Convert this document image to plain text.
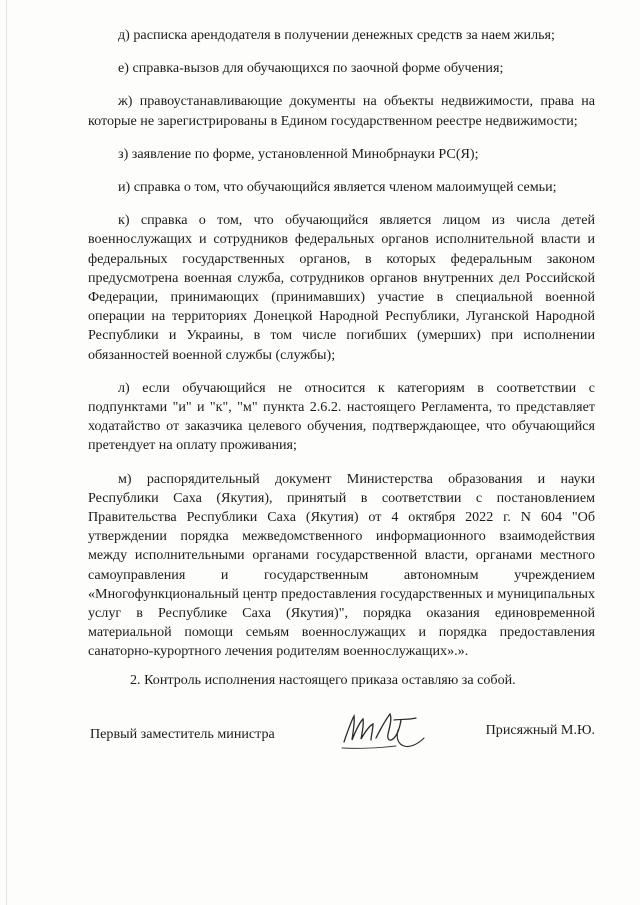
д) расписка арендодателя в получении денежных средств за наем жилья;

е) справка-вызов для обучающихся по заочной форме обучения;

ж) правоустанавливающие документы на объекты недвижимости, права на которые не зарегистрированы в Едином государственном реестре недвижимости;

з) заявление по форме, установленной Минобрнауки РС(Я);

и) справка о том, что обучающийся является членом малоимущей семьи;

к) справка о том, что обучающийся является лицом из числа детей военнослужащих и сотрудников федеральных органов исполнительной власти и федеральных государственных органов, в которых федеральным законом предусмотрена военная служба, сотрудников органов внутренних дел Российской Федерации, принимающих (принимавших) участие в специальной военной операции на территориях Донецкой Народной Республики, Луганской Народной Республики и Украины, в том числе погибших (умерших) при исполнении обязанностей военной службы (службы);

л) если обучающийся не относится к категориям в соответствии с подпунктами "и" и "к", "м" пункта 2.6.2. настоящего Регламента, то представляет ходатайство от заказчика целевого обучения, подтверждающее, что обучающийся претендует на оплату проживания;

м) распорядительный документ Министерства образования и науки Республики Саха (Якутия), принятый в соответствии с постановлением Правительства Республики Саха (Якутия) от 4 октября 2022 г. N 604 "Об утверждении порядка межведомственного информационного взаимодействия между исполнительными органами государственной власти, органами местного самоуправления и государственным автономным учреждением «Многофункциональный центр предоставления государственных и муниципальных услуг в Республике Саха (Якутия)", порядка оказания единовременной материальной помощи семьям военнослужащих и порядка предоставления санаторно-курортного лечения родителям военнослужащих».».

2. Контроль исполнения настоящего приказа оставляю за собой.

Первый заместитель министра	Присяжный М.Ю.
